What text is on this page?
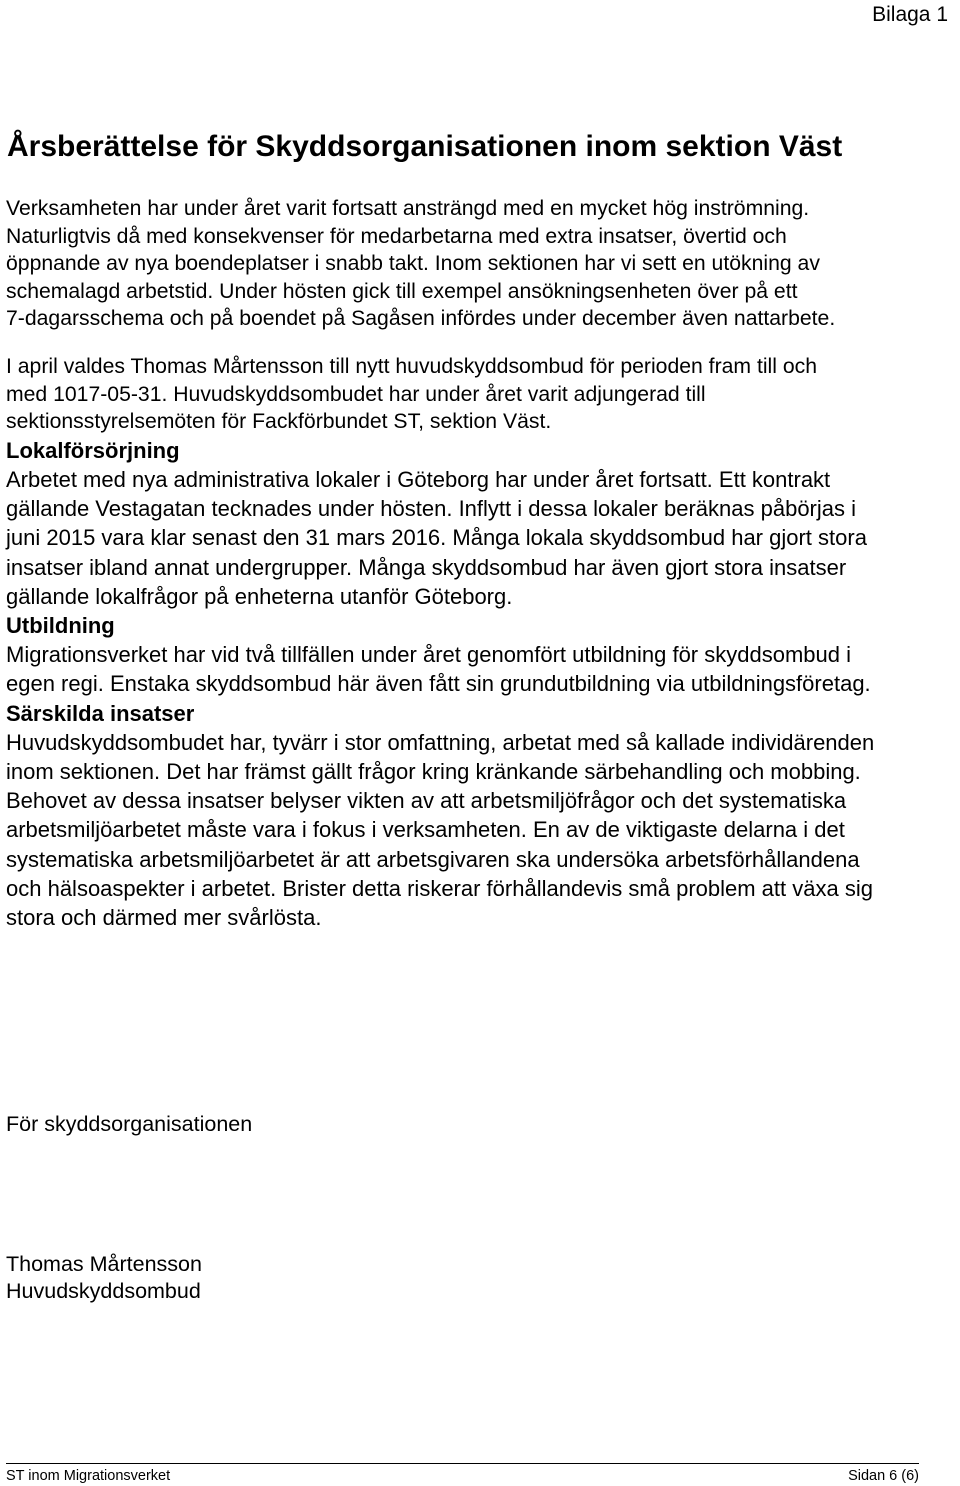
Bilaga 1
Årsberättelse för Skyddsorganisationen inom sektion Väst

Verksamheten har under året varit fortsatt ansträngd med en mycket hög inströmning.
Naturligtvis då med konsekvenser för medarbetarna med extra insatser, övertid och
öppnande av nya boendeplatser i snabb takt. Inom sektionen har vi sett en utökning av
schemalagd arbetstid. Under hösten gick till exempel ansökningsenheten över på ett
7-dagarsschema och på boendet på Sagåsen infördes under december även nattarbete.

I april valdes Thomas Mårtensson till nytt huvudskyddsombud för perioden fram till och
med 1017-05-31. Huvudskyddsombudet har under året varit adjungerad till
sektionsstyrelsemöten för Fackförbundet ST, sektion Väst.

Lokalförsörjning

Arbetet med nya administrativa lokaler i Göteborg har under året fortsatt. Ett kontrakt
gällande Vestagatan tecknades under hösten. Inflytt i dessa lokaler beräknas påbörjas i
juni 2015 vara klar senast den 31 mars 2016. Många lokala skyddsombud har gjort stora
insatser ibland annat undergrupper. Många skyddsombud har även gjort stora insatser
gällande lokalfrågor på enheterna utanför Göteborg.

Utbildning

Migrationsverket har vid två tillfällen under året genomfört utbildning för skyddsombud i
egen regi. Enstaka skyddsombud här även fått sin grundutbildning via utbildningsföretag.

Särskilda insatser

Huvudskyddsombudet har, tyvärr i stor omfattning, arbetat med så kallade individärenden
inom sektionen. Det har främst gällt frågor kring kränkande särbehandling och mobbing.
Behovet av dessa insatser belyser vikten av att arbetsmiljöfrågor och det systematiska
arbetsmiljöarbetet måste vara i fokus i verksamheten. En av de viktigaste delarna i det
systematiska arbetsmiljöarbetet är att arbetsgivaren ska undersöka arbetsförhållandena
och hälsoaspekter i arbetet. Brister detta riskerar förhållandevis små problem att växa sig
stora och därmed mer svårlösta.

För skyddsorganisationen

Thomas Mårtensson

Huvudskyddsombud

ST inom Migrationsverket	Sidan 6 (6)
